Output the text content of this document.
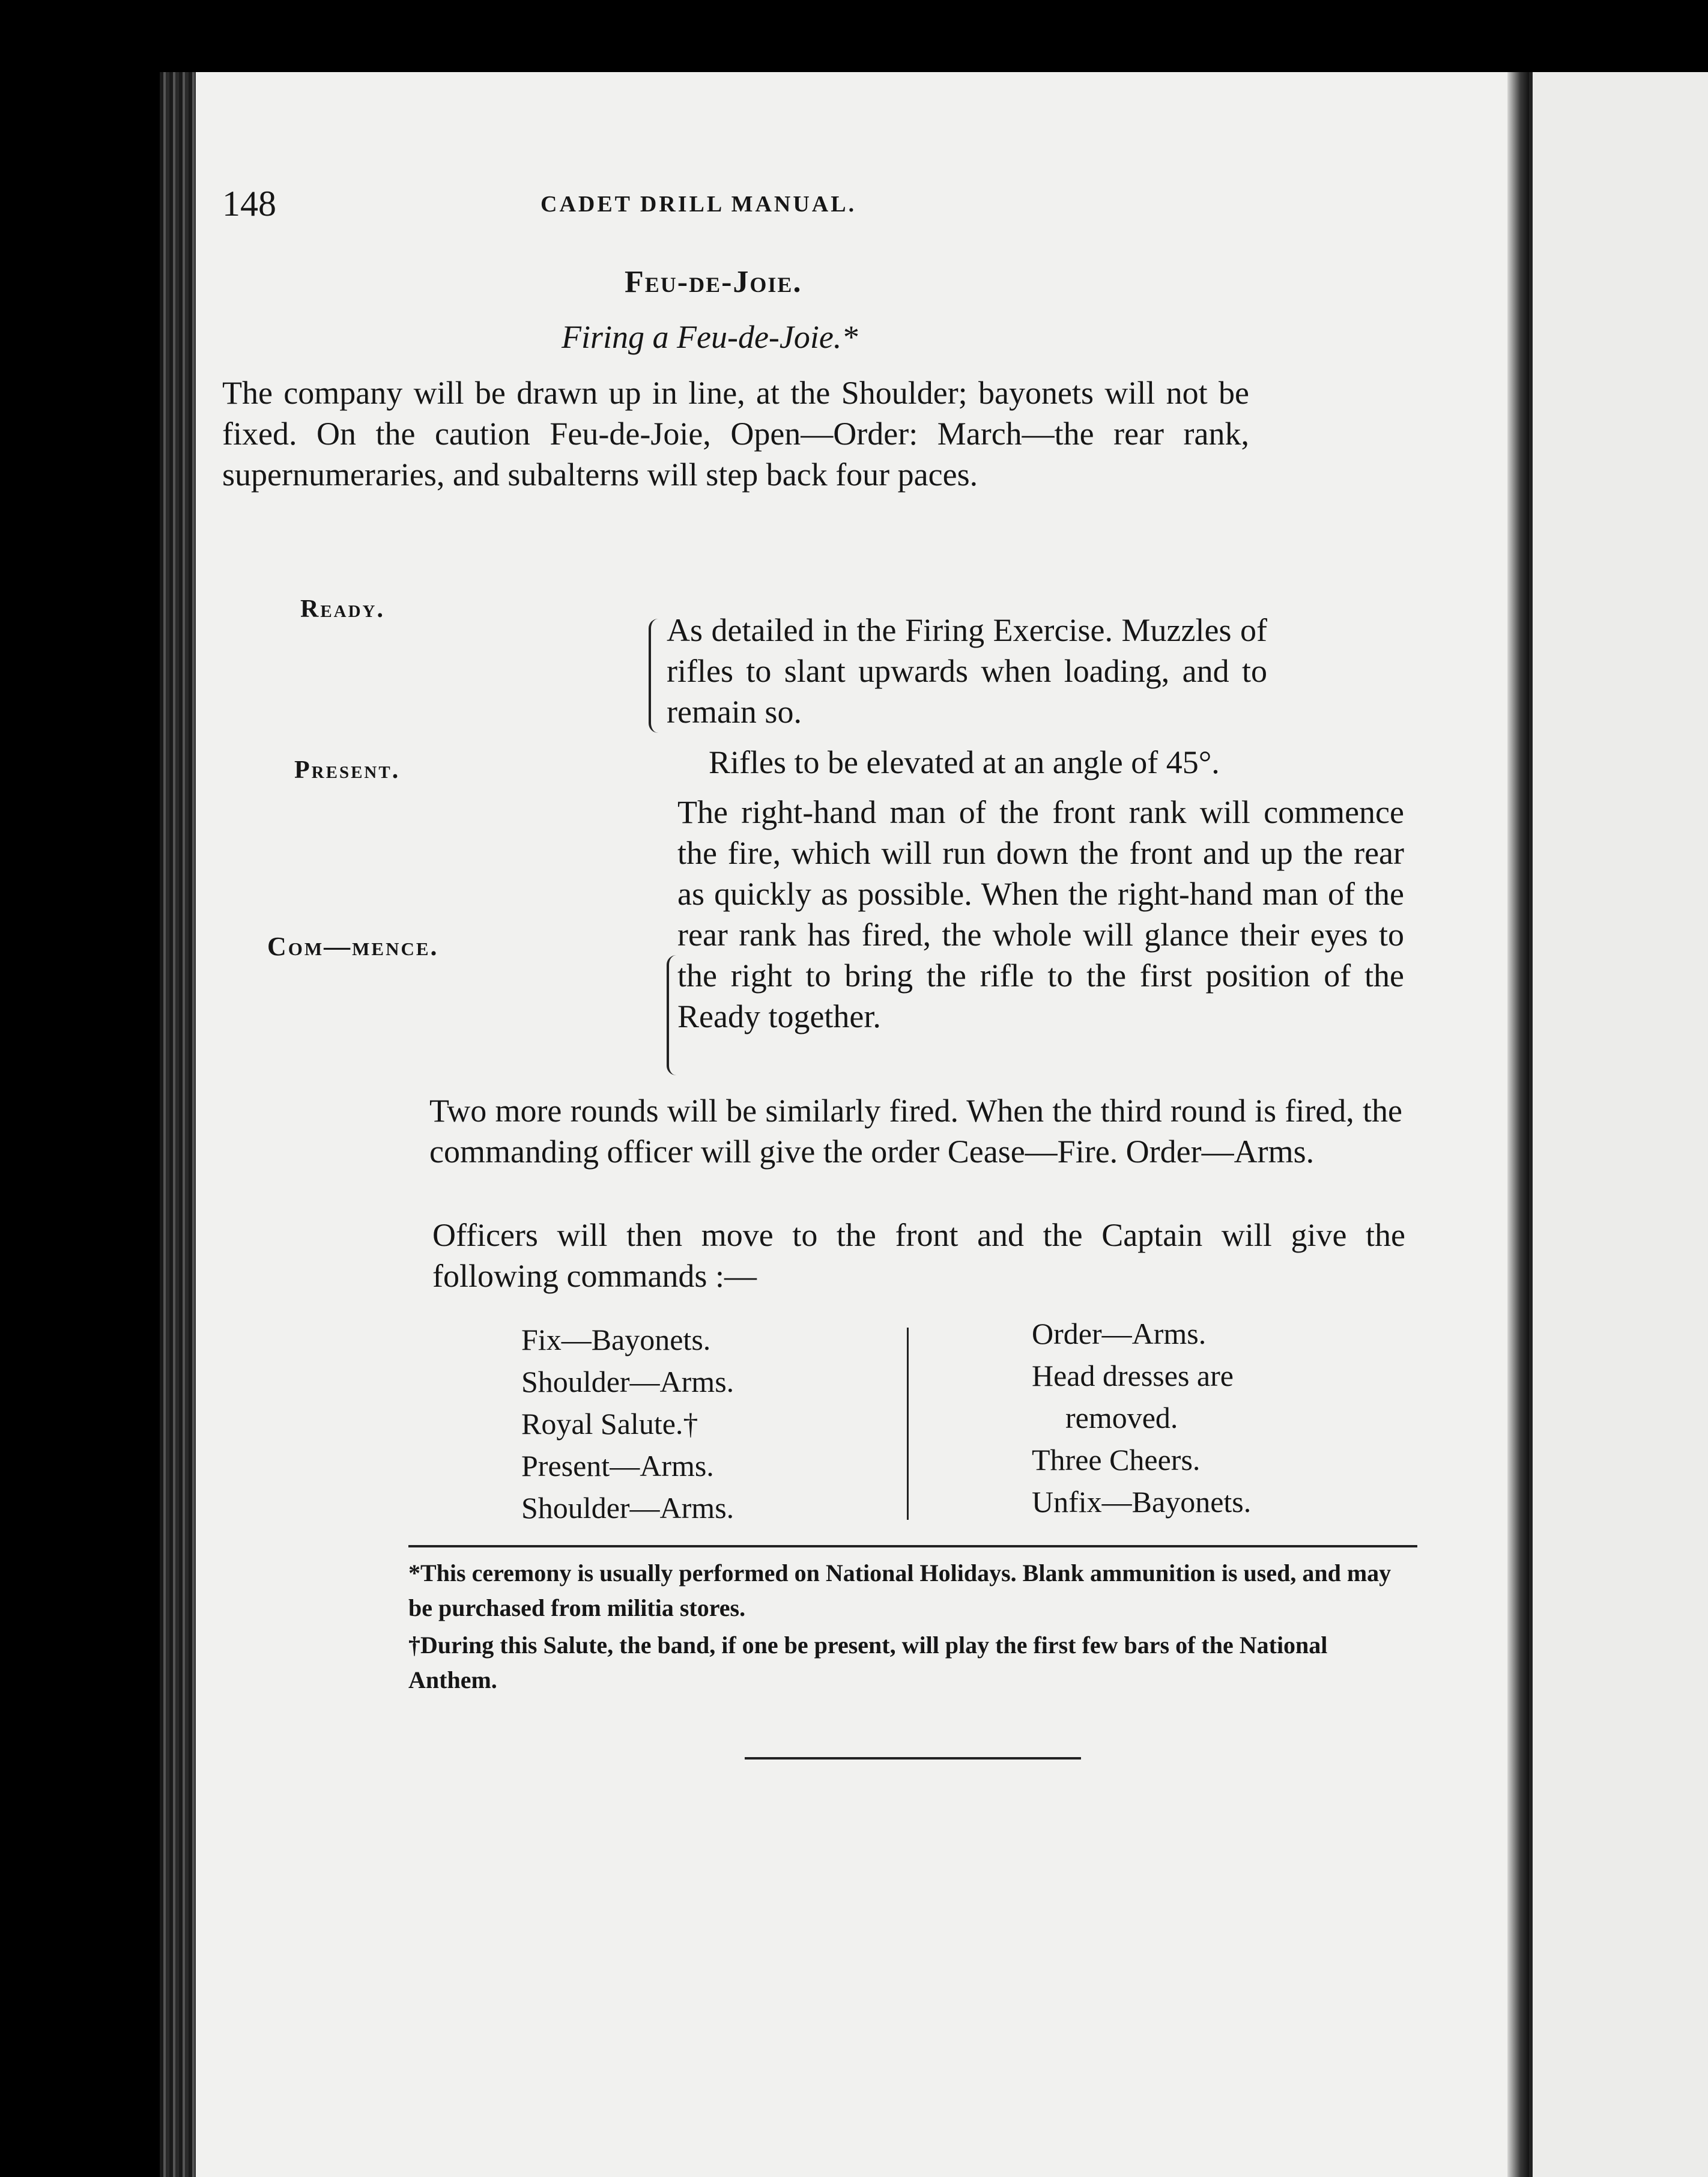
148	CADET DRILL MANUAL.
Feu-de-Joie.
Firing a Feu-de-Joie.*
The company will be drawn up in line, at the Shoulder; bayonets will not be fixed. On the caution Feu-de-Joie, Open—Order: March—the rear rank, supernumeraries, and subalterns will step back four paces.
Ready.
As detailed in the Firing Exercise. Muzzles of rifles to slant upwards when loading, and to remain so.
Present.	Rifles to be elevated at an angle of 45°.
Com—mence.
The right-hand man of the front rank will commence the fire, which will run down the front and up the rear as quickly as possible. When the right-hand man of the rear rank has fired, the whole will glance their eyes to the right to bring the rifle to the first position of the Ready together.
Two more rounds will be similarly fired. When the third round is fired, the commanding officer will give the order Cease—Fire. Order—Arms.
Officers will then move to the front and the Captain will give the following commands :—
Fix—Bayonets.
Shoulder—Arms.
Royal Salute.†
Present—Arms.
Shoulder—Arms.
Order—Arms.
Head dresses are
removed.
Three Cheers.
Unfix—Bayonets.
*This ceremony is usually performed on National Holidays. Blank ammunition is used, and may be purchased from militia stores.
†During this Salute, the band, if one be present, will play the first few bars of the National Anthem.
